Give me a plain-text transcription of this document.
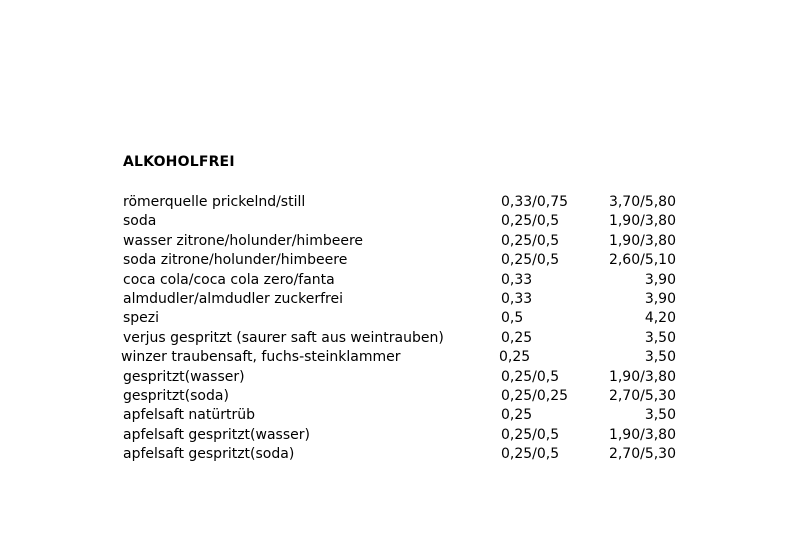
ALKOHOLFREI
römerquelle prickelnd/still	0,33/0,75	3,70/5,80
soda	0,25/0,5	1,90/3,80
wasser zitrone/holunder/himbeere	0,25/0,5	1,90/3,80
soda zitrone/holunder/himbeere	0,25/0,5	2,60/5,10
coca cola/coca cola zero/fanta	0,33	3,90
almdudler/almdudler zuckerfrei	0,33	3,90
spezi	0,5	4,20
verjus gespritzt (saurer saft aus weintrauben)	0,25	3,50
winzer traubensaft, fuchs-steinklammer	0,25	3,50
gespritzt(wasser)	0,25/0,5	1,90/3,80
gespritzt(soda)	0,25/0,25	2,70/5,30
apfelsaft natürtrüb	0,25	3,50
apfelsaft gespritzt(wasser)	0,25/0,5	1,90/3,80
apfelsaft gespritzt(soda)	0,25/0,5	2,70/5,30
